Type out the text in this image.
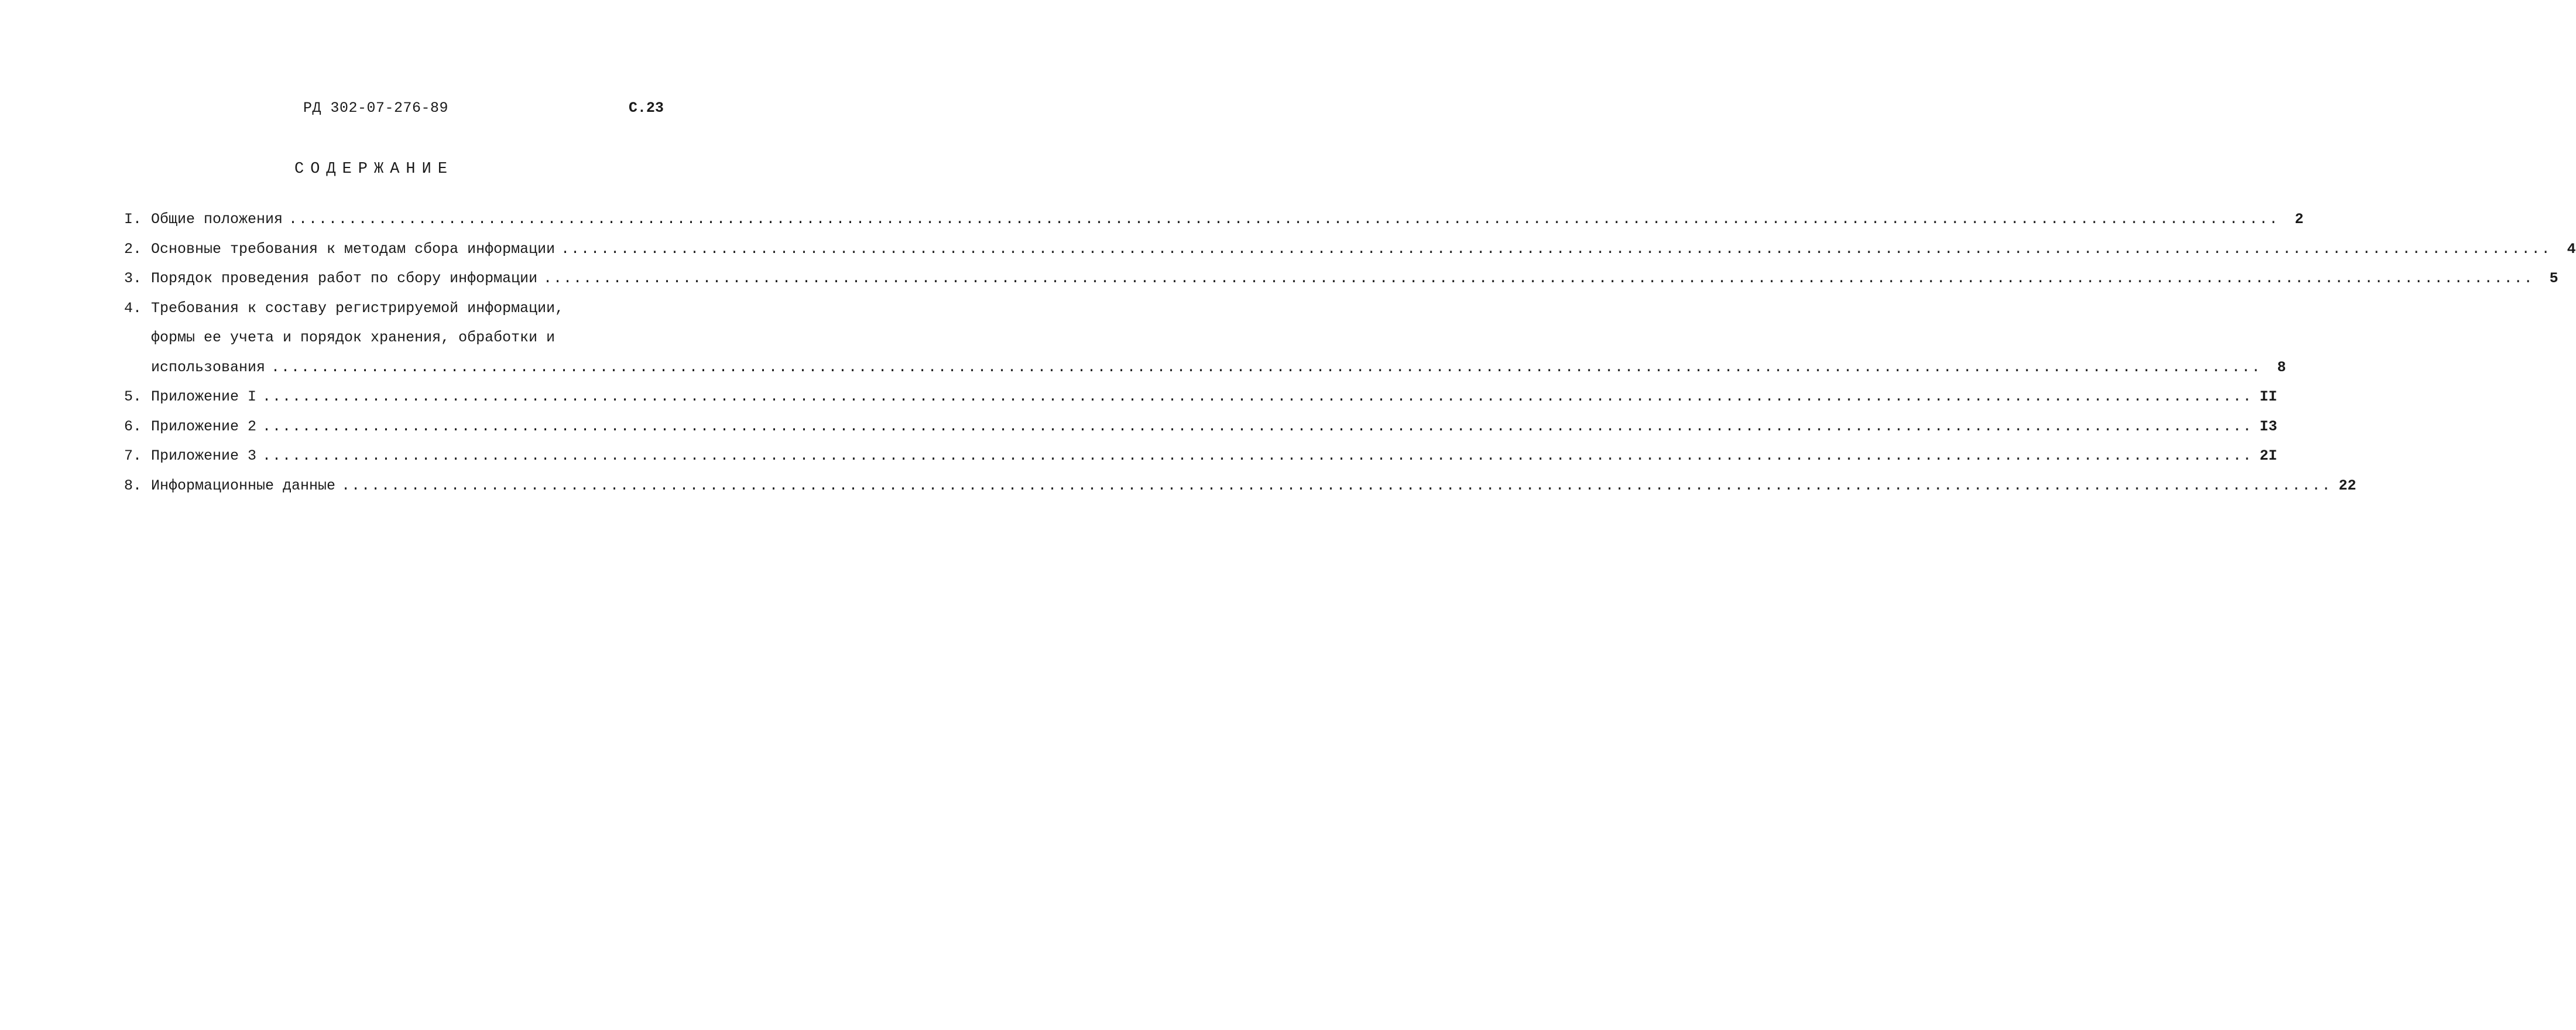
РД 302-07-276-89	С.23
СОДЕРЖАНИЕ
I. Общие положения ........................................................................................................................................................................................................	2
2. Основные требования к методам сбора информации ........................................................................................................................................................................................................	4
3. Порядок проведения работ по сбору информации ........................................................................................................................................................................................................	5
4. Требования к составу регистрируемой информации,
формы ее учета и порядок хранения, обработки и
использования ........................................................................................................................................................................................................	8
5. Приложение I ........................................................................................................................................................................................................ II
6. Приложение 2 ........................................................................................................................................................................................................ I3
7. Приложение 3 ........................................................................................................................................................................................................ 2I
8. Информационные данные ........................................................................................................................................................................................................ 22
